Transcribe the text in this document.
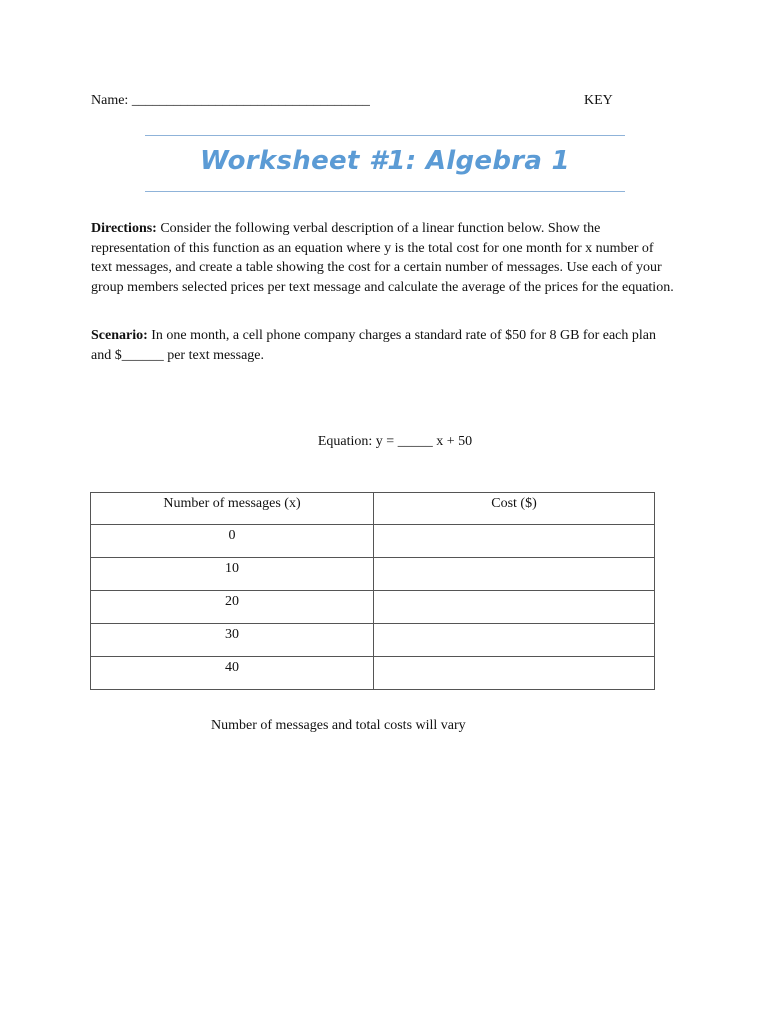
Name: __________________________________	KEY
Worksheet #1: Algebra 1
Directions: Consider the following verbal description of a linear function below. Show the representation of this function as an equation where y is the total cost for one month for x number of text messages, and create a table showing the cost for a certain number of messages. Use each of your group members selected prices per text message and calculate the average of the prices for the equation.
Scenario: In one month, a cell phone company charges a standard rate of $50 for 8 GB for each plan and $______ per text message.
Equation: y = _____ x + 50
Number of messages (x)	Cost ($)
0	
10	
20	
30	
40	
Number of messages and total costs will vary
